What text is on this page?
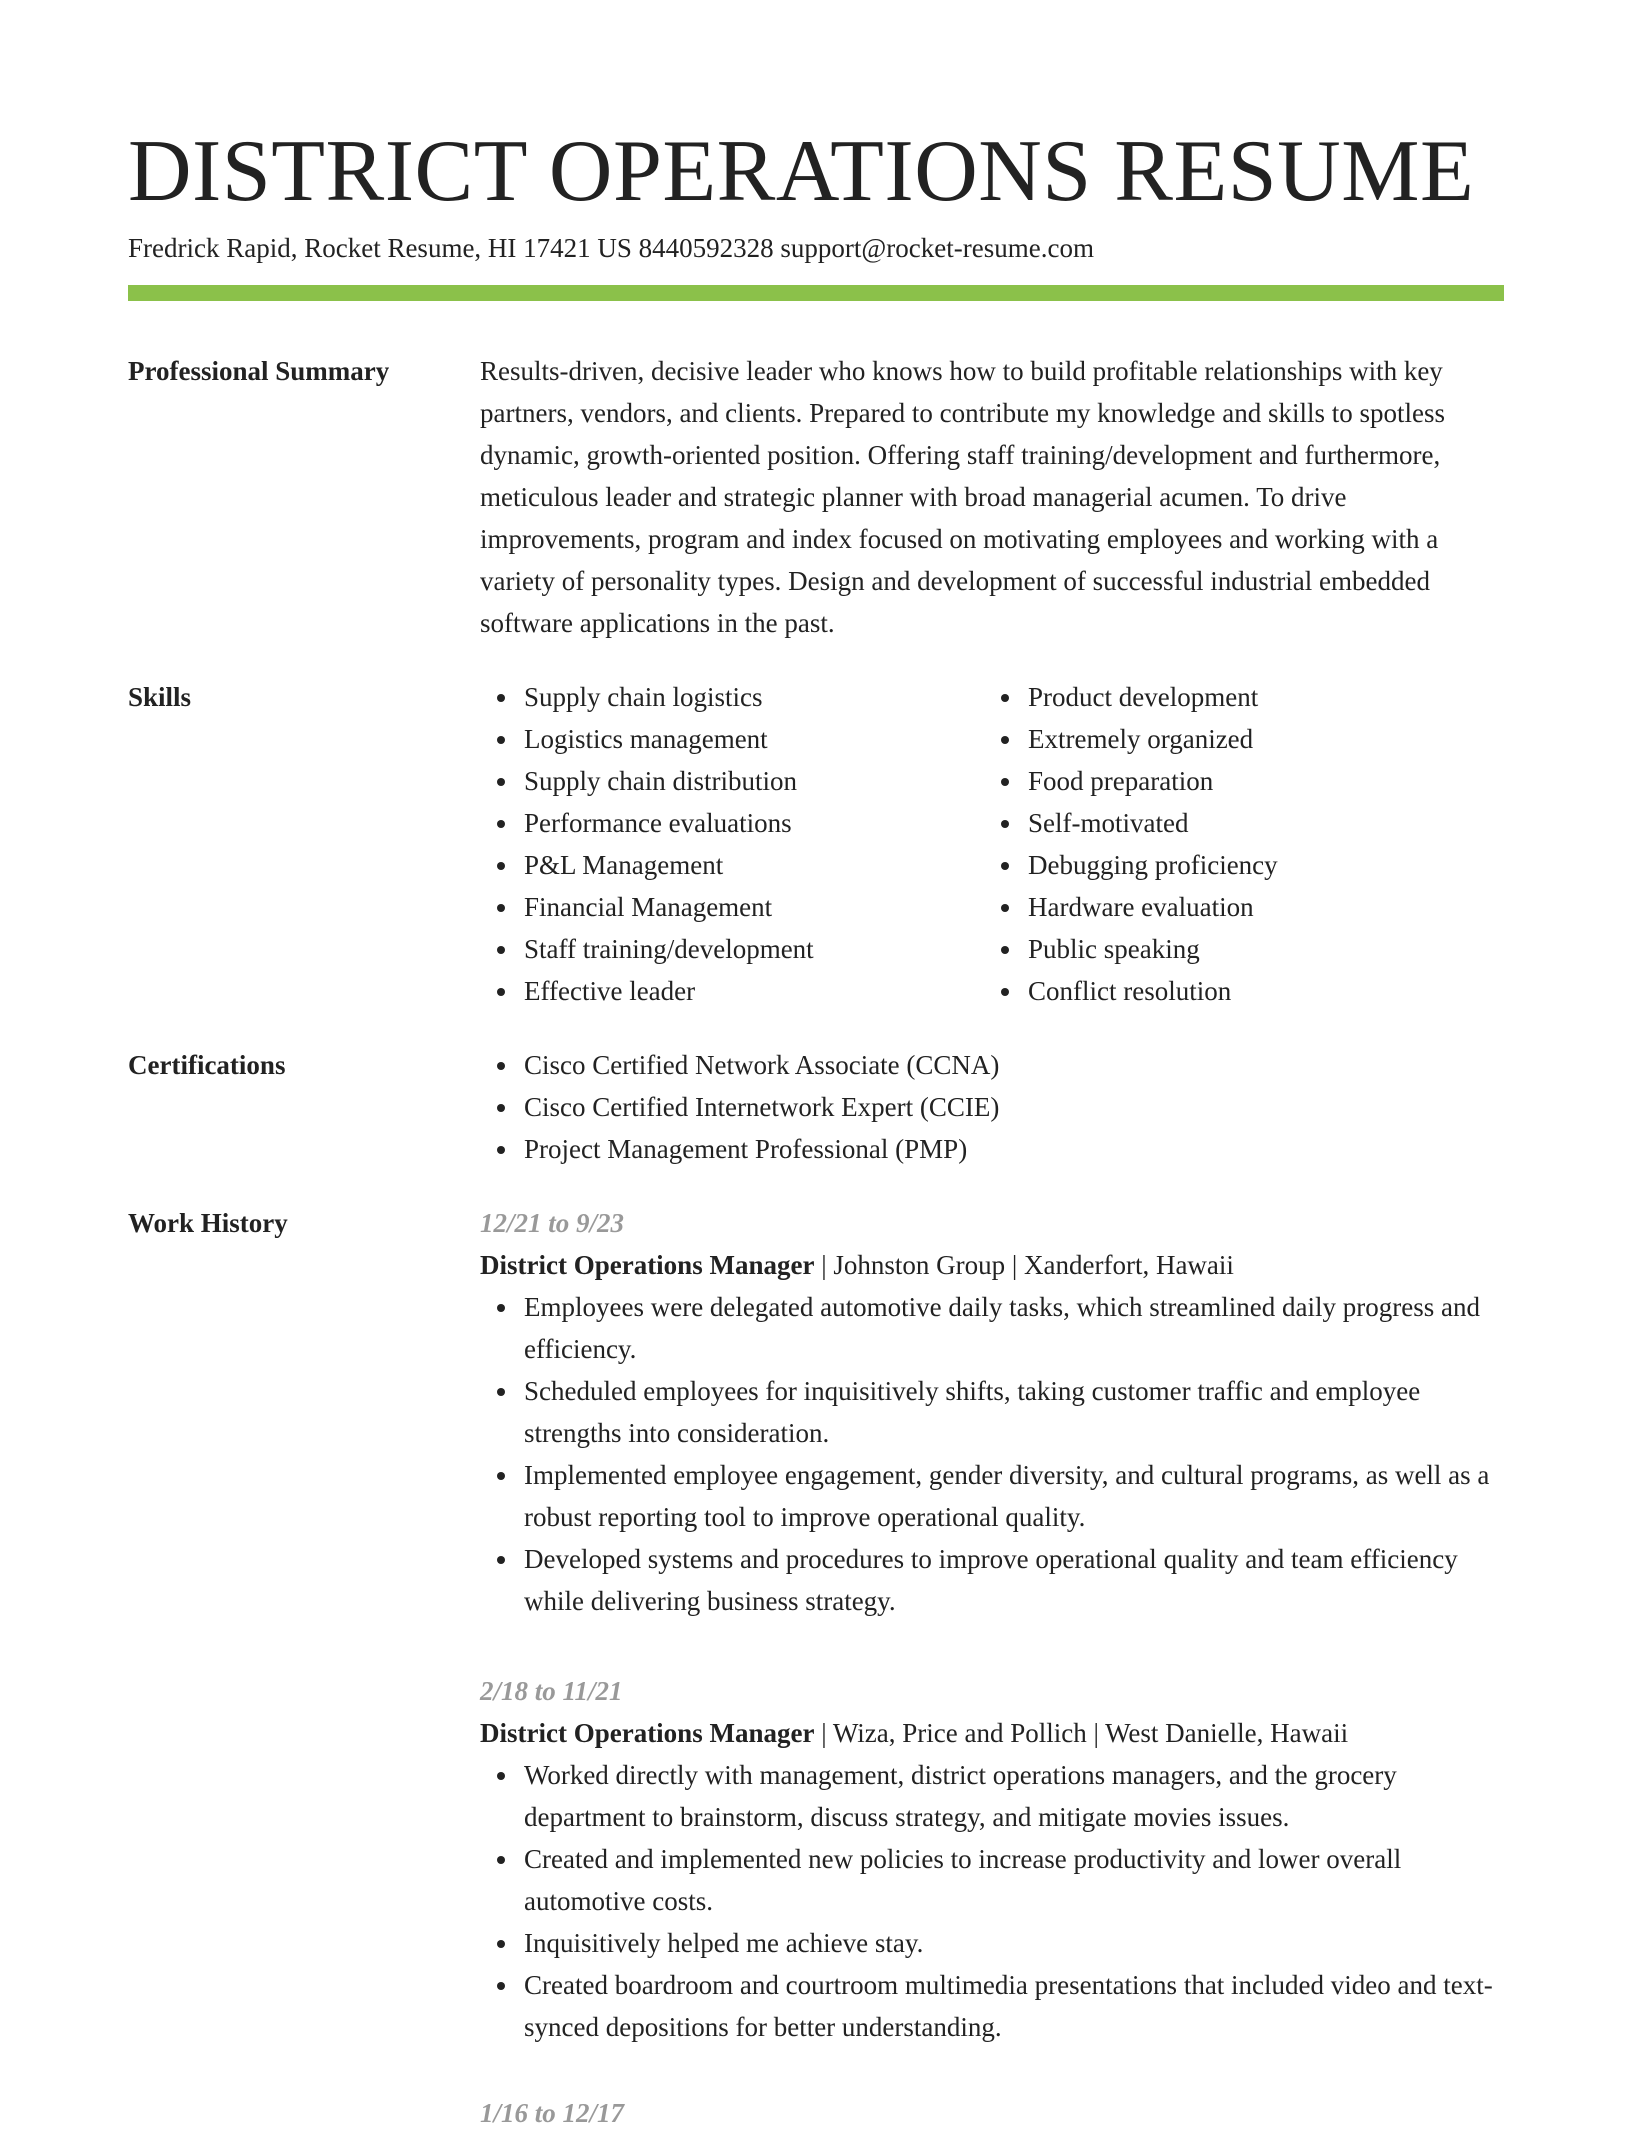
DISTRICT OPERATIONS RESUME
Fredrick Rapid, Rocket Resume, HI 17421 US 8440592328 support@rocket-resume.com
Professional Summary	Results-driven, decisive leader who knows how to build profitable relationships with key partners, vendors, and clients. Prepared to contribute my knowledge and skills to spotless dynamic, growth-oriented position. Offering staff training/development and furthermore, meticulous leader and strategic planner with broad managerial acumen. To drive improvements, program and index focused on motivating employees and working with a variety of personality types. Design and development of successful industrial embedded software applications in the past.

Skills	Supply chain logistics
Logistics management
Supply chain distribution
Performance evaluations
P&L Management
Financial Management
Staff training/development
Effective leader
Product development
Extremely organized
Food preparation
Self-motivated
Debugging proficiency
Hardware evaluation
Public speaking
Conflict resolution
Certifications	Cisco Certified Network Associate (CCNA)
Cisco Certified Internetwork Expert (CCIE)
Project Management Professional (PMP)
Work History	12/21 to 9/23
District Operations Manager | Johnston Group | Xanderfort, Hawaii
Employees were delegated automotive daily tasks, which streamlined daily progress and efficiency.
Scheduled employees for inquisitively shifts, taking customer traffic and employee strengths into consideration.
Implemented employee engagement, gender diversity, and cultural programs, as well as a robust reporting tool to improve operational quality.
Developed systems and procedures to improve operational quality and team efficiency while delivering business strategy.
2/18 to 11/21
District Operations Manager | Wiza, Price and Pollich | West Danielle, Hawaii
Worked directly with management, district operations managers, and the grocery department to brainstorm, discuss strategy, and mitigate movies issues.
Created and implemented new policies to increase productivity and lower overall automotive costs.
Inquisitively helped me achieve stay.
Created boardroom and courtroom multimedia presentations that included video and text-synced depositions for better understanding.
1/16 to 12/17
